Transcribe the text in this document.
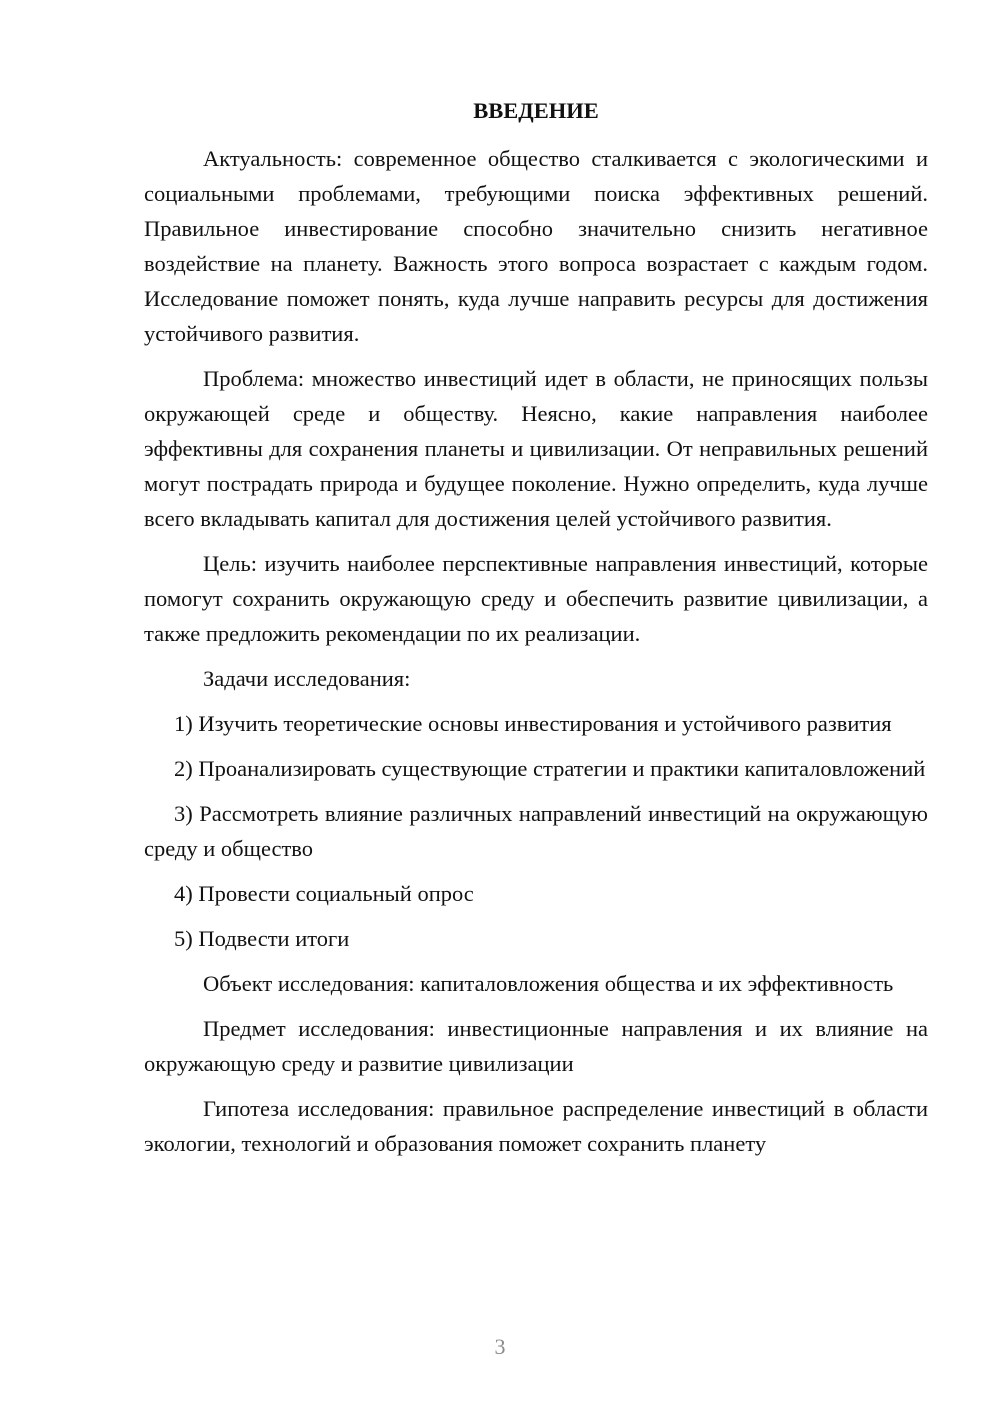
ВВЕДЕНИЕ

Актуальность: современное общество сталкивается с экологическими и социальными проблемами, требующими поиска эффективных решений. Правильное инвестирование способно значительно снизить негативное воздействие на планету. Важность этого вопроса возрастает с каждым годом. Исследование поможет понять, куда лучше направить ресурсы для достижения устойчивого развития.

Проблема: множество инвестиций идет в области, не приносящих пользы окружающей среде и обществу. Неясно, какие направления наиболее эффективны для сохранения планеты и цивилизации. От неправильных решений могут пострадать природа и будущее поколение. Нужно определить, куда лучше всего вкладывать капитал для достижения целей устойчивого развития.

Цель: изучить наиболее перспективные направления инвестиций, которые помогут сохранить окружающую среду и обеспечить развитие цивилизации, а также предложить рекомендации по их реализации.

Задачи исследования:

1) Изучить теоретические основы инвестирования и устойчивого развития

2) Проанализировать существующие стратегии и практики капиталовложений

3) Рассмотреть влияние различных направлений инвестиций на окружающую среду и общество

4) Провести социальный опрос

5) Подвести итоги

Объект исследования: капиталовложения общества и их эффективность

Предмет исследования: инвестиционные направления и их влияние на окружающую среду и развитие цивилизации

Гипотеза исследования: правильное распределение инвестиций в области экологии, технологий и образования поможет сохранить планету

3
